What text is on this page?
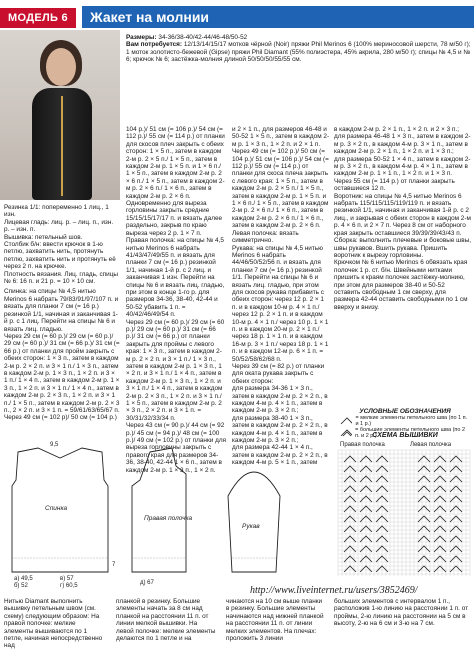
МОДЕЛЬ 6	Жакет на молнии
Размеры: 34-36/38-40/42-44/46-48/50-52
Вам потребуется: 12/13/14/15/17 мотков чёрной (Noir) пряжи Phil Merinos 6 (100% мериносовой шерсти, 78 м/50 г); 1 моток золотисто-бежевой (Gipse) пряжи Phil Diamant (55% полиэстера, 45% акрила, 280 м/50 г); спицы № 4,5 и № 6; крючок № 6; застёжка-молния длиной 50/50/50/55/55 см.
Резинка 1/1: попеременно 1 лиц., 1 изн.
Лицевая гладь: лиц. р. – лиц. п., изн. р. – изн. п.
Вышивка: петельный шов.
Столбик б/н: ввести крючок в 1-ю петлю, захватить нить, протянуть петлю, захватить нить и протянуть её через 2 п. на крючке.
Плотность вязания. Лиц. гладь, спицы № 6: 16 п. и 21 р. = 10 × 10 см.
Спинка: на спицы № 4,5 нитью Merinos 6 набрать 79/83/91/97/107 п. и вязать для планки 7 см (= 16 р.) резинкой 1/1, начиная и заканчивая 1-й р. с 1 лиц. Перейти на спицы № 6 и вязать лиц. гладью.
Через 29 см (= 60 р.)/ 29 см (= 60 р.)/ 29 см (= 60 р.)/ 31 см (= 66 р.)/ 31 см (= 66 р.) от планки для пройм закрыть с обеих сторон: 1 × 3 п., затем в каждом 2-м р. 2 × 2 п. и 3 × 1 п./ 1 × 3 п., затем в каждом 2-м р. 1 × 3 п., 1 × 2 п. и 3 × 1 п./ 1 × 4 п., затем в каждом 2-м р. 1 × 3 п., 1 × 2 п. и 3 × 1 п./ 1 × 4 п., затем в каждом 2-м р. 2 × 3 п., 1 × 2 п. и 3 × 1 п./ 1 × 5 п., затем в каждом 2-м р. 2 × 3 п., 2 × 2 п. и 3 × 1 п. = 59/61/63/65/67 п.
Через 49 см (= 102 р)/ 50 см (= 104 р.)
104 р.)/ 51 см (= 106 р.)/ 54 см (= 112 р.)/ 55 см (= 114 р.) от планки для скосов плеч закрыть с обеих сторон: 1 × 5 п., затем в каждом 2-м р. 2 × 5 п./ 1 × 5 п., затем в каждом 2-м р. 1 × 5 п. и 1 × 6 п./ 1 × 5 п., затем в каждом 2-м р. 2 × 6 п./ 1 × 5 п., затем в каждом 2-м р. 2 × 6 п./ 1 × 6 п., затем в каждом 2-м р. 2 × 6 п.
Одновременно для выреза горловины закрыть средние 15/15/15/17/17 п. и вязать далее раздельно, закрыв по краю выреза через 2 р. 1 × 7 п.
Правая полочка: на спицы № 4,5 нитью Merinos 6 набрать 41/43/47/49/55 п. и вязать для планки 7 см (= 16 р.) резинкой 1/1, начиная 1-й р. с 2 лиц. и заканчивая 1 изн. Перейти на спицы № 6 и вязать лиц. гладью, при этом в конце 1-го р. для размеров 34-36, 38-40, 42-44 и 50-52 убавить 1 п. = 40/42/46/49/54 п.
Через 29 см (= 60 р.)/ 29 см (= 60 р.)/ 29 см (= 60 р.)/ 31 см (= 66 р.)/ 31 см (= 66 р.) от планки закрыть для проймы с левого края: 1 × 3 п., затем в каждом 2-м р. 2 × 2 п. и 3 × 1 п./ 1 × 3 п., затем в каждом 2-м р. 1 × 3 п., 1 × 2 п. и 3 × 1 п./ 1 × 4 п., затем в каждом 2-м р. 1 × 3 п., 1 × 2 п. и 3 × 1 п./ 1 × 4 п., затем в каждом 2-м р. 2 × 3 п., 1 × 2 п. и 3 × 1 п./ 1 × 5 п., затем в каждом 2-м р. 2 × 3 п., 2 × 2 п. и 3 × 1 п. = 30/31/32/33/34 п.
Через 43 см (= 90 р.)/ 44 см (= 92 р.)/ 45 см (= 94 р.)/ 48 см (= 100 р.)/ 49 см (= 102 р.) от планки для выреза горловины закрыть с правого края для размеров 34-36, 38-40, 42-44 1 × 6 п., затем в каждом 2-м р. 1 × 3 п., 1 × 2 п.
и 2 × 1 п., для размеров 46-48 и 50-52 1 × 5 п., затем в каждом 2-м р. 1 × 3 п., 1 × 2 п. и 2 × 1 п.
Через 49 см (= 102 р.)/ 50 см (= 104 р.)/ 51 см (= 106 р.)/ 54 см (= 112 р.)/ 55 см (= 114 р.) от планки для скоса плеча закрыть с левого края: 1 × 5 п., затем в каждом 2-м р. 2 × 5 п./ 1 × 5 п., затем в каждом 2-м р. 1 × 5 п. и 1 × 6 п./ 1 × 5 п., затем в каждом 2-м р. 2 × 6 п./ 1 × 6 п., затем в каждом 2-м р. 2 × 6 п./ 1 × 6 п., затем в каждом 2-м р. 2 × 6 п.
Левая полочка: вязать симметрично.
Рукава: на спицы № 4,5 нитью Merinos 6 набрать 44/46/50/52/56 п. и вязать для планки 7 см (= 16 р.) резинкой 1/1. Перейти на спицы № 6 и вязать лиц. гладью, при этом для скосов рукава прибавить с обеих сторон: через 12 р. 2 × 1 п. и в каждом 10-м р. 4 × 1 п./ через 12 р. 2 × 1 п. и в каждом 10-м р. 4 × 1 п./ через 10 р. 1 × 1 п. и в каждом 20-м р. 2 × 1 п./ через 18 р. 1 × 1 п. и в каждом 16-м р. 3 × 1 п./ через 18 р. 1 × 1 п. и в каждом 12-м р. 6 × 1 п. = 50/52/58/62/68 п.
Через 39 см (= 82 р.) от планки для оката рукава закрыть с обеих сторон:
для размера 34-36 1 × 3 п., затем в каждом 2-м р. 2 × 2 п., в каждом 4-м р. 4 × 1 п., затем в каждом 2-м р. 3 × 2 п.;
для размера 38-40 1 × 3 п., затем в каждом 2-м р. 2 × 2 п., в каждом 4-м р. 4 × 1 п., затем в каждом 2-м р. 3 × 2 п.;
для размера 42-44 1 × 4 п., затем в каждом 2-м р. 2 × 2 п., в каждом 4-м р. 5 × 1 п., затем
в каждом 2-м р. 2 × 1 п., 1 × 2 п. и 2 × 3 п.;
для размера 46-48 1 × 3 п., затем в каждом 2-м р. 3 × 2 п., в каждом 4-м р. 3 × 1 п., затем в каждом 2-м р. 2 × 1 п., 1 × 2 п. и 1 × 3 п.;
для размера 50-52 1 × 4 п., затем в каждом 2-м р. 3 × 2 п., в каждом 4-м р. 4 × 1 п., затем в каждом 2-м р. 1 × 1 п., 1 × 2 п. и 1 × 3 п.
Через 55 см (= 114 р.) от планки закрыть оставшиеся 12 п.
Воротник: на спицы № 4,5 нитью Merinos 6 набрать 115/115/115/119/119 п. и вязать резинкой 1/1, начиная и заканчивая 1-й р. с 2 лиц., и закрывая с обеих сторон в каждом 2-м р. 4 × 6 п. и 2 × 7 п. Через 8 см от наборного края закрыть оставшиеся 39/39/39/43/43 п.
Сборка: выполнить плечевые и боковые швы, швы рукавов. Вшить рукава. Пришить воротник к вырезу горловины.
Крючком № 6 нитью Merinos 6 обвязать края полочек 1 р. ст. б/н. Швейными нитками пришить к краям полочек застёжку-молнию, при этом для размеров 38-40 и 50-52 оставить свободным 1 см сверху, для размера 42-44 оставить свободными по 1 см вверху и внизу.
УСЛОВНЫЕ ОБОЗНАЧЕНИЯ
= мелкие элементы петельного шва (по 1 п. и 1 р.)
= большие элементы петельного шва (по 2 п. и 2 р.)
СХЕМА ВЫШИВКИ
Правая полочка	Левая полочка
Спинка
Правая полочка
Рукав
9,5
7
а) 49,5
б) 52
в) 57
г) 60,5	д) 67
http://www.liveinternet.ru/users/3852469/
Нитью Diamant выполнить вышивку петельным швом (см. схему) следующим образом: На правой полочке: мелкие элементы вышиваются по 1 петле, начиная непосредственно над
планкой в резинку. Большие элементы начать за 8 см над планкой на расстоянии 11 п. от линии мелкой вышивки. На левой полочке: мелкие элементы делаются по 1 петле и на
чинаются на 10 см выше планки в резинку. Большие элементы начинаются над нижней планкой на расстоянии 11 п. от линии мелких элементов. На плечах: проложить 3 линии
больших элементов с интервалом 1 п., расположив 1-ю линию на расстоянии 1 п. от проймы, 2-ю линию на расстоянии на 5 см в высоту, 2-ю на 6 см и 3-ю на 7 см.
